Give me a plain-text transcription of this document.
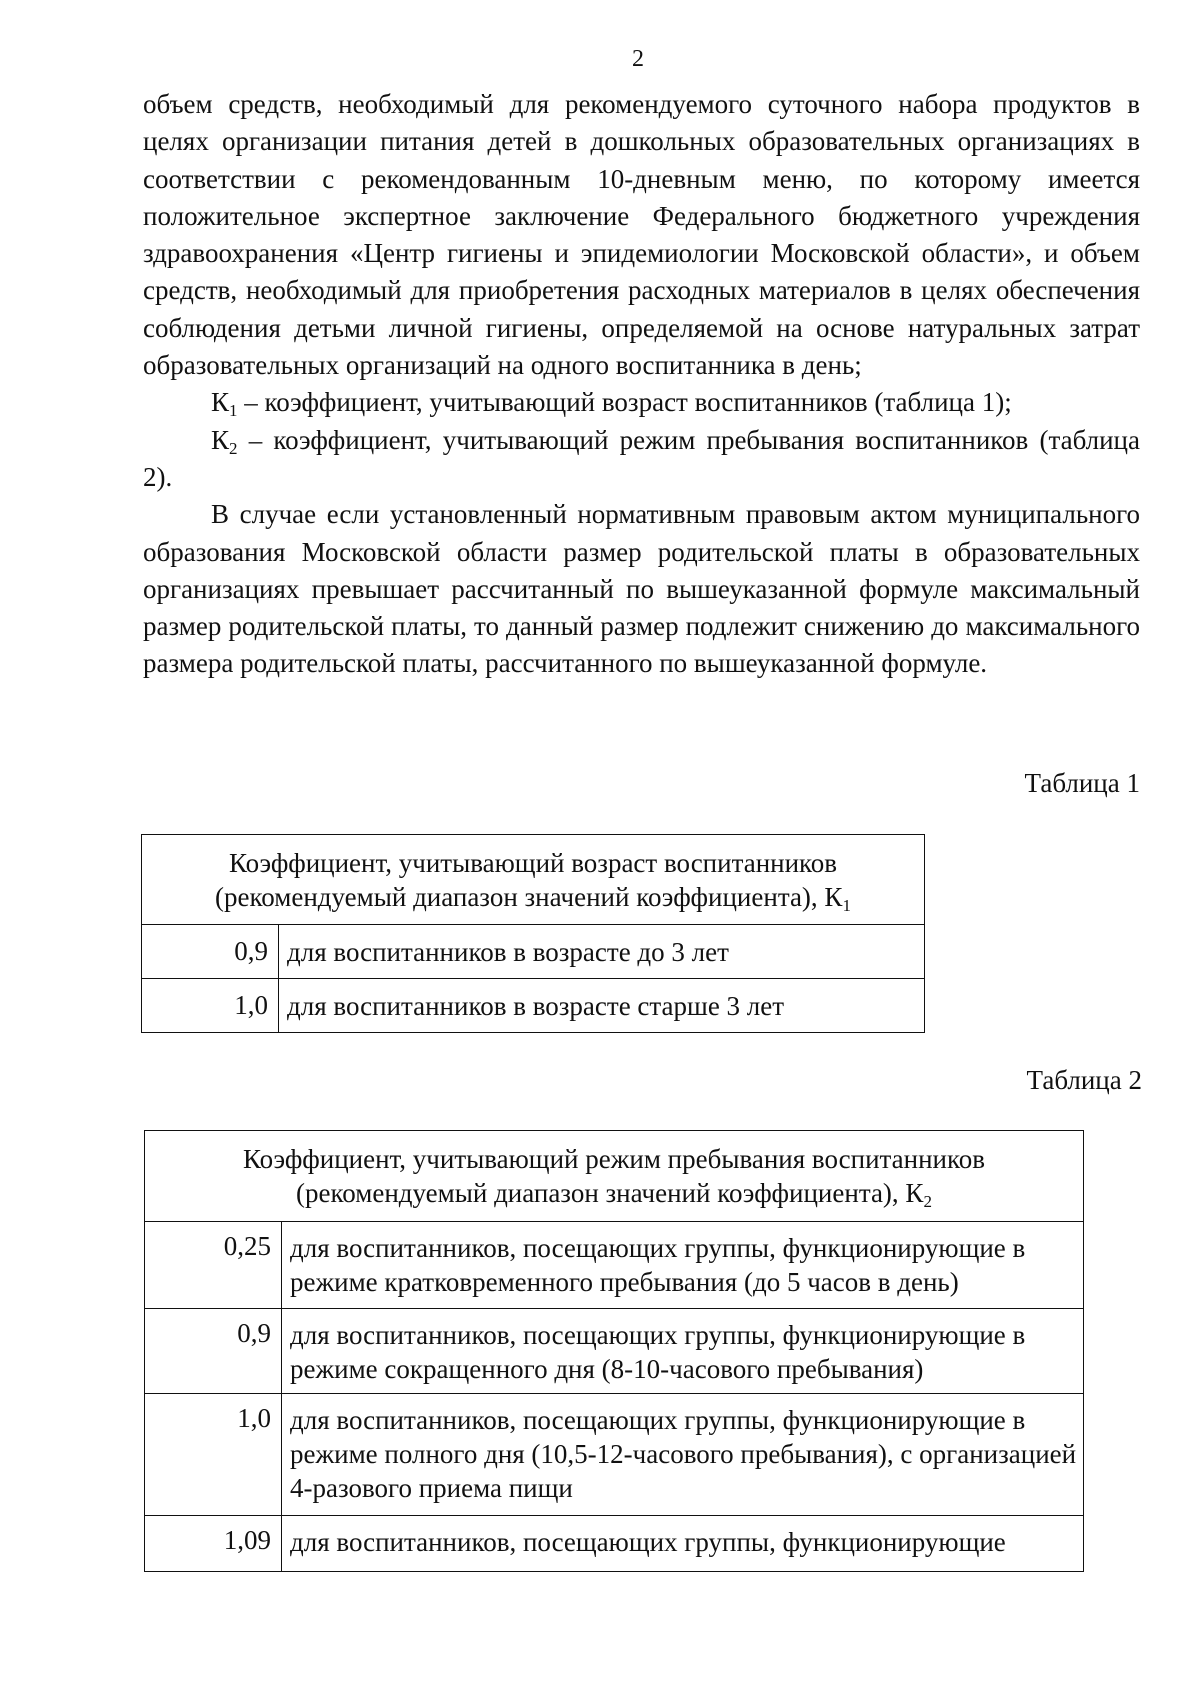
2

объем средств, необходимый для рекомендуемого суточного набора продуктов в целях организации питания детей в дошкольных образовательных организациях в соответствии с рекомендованным 10-дневным меню, по которому имеется положительное экспертное заключение Федерального бюджетного учреждения здравоохранения «Центр гигиены и эпидемиологии Московской области», и объем средств, необходимый для приобретения расходных материалов в целях обеспечения соблюдения детьми личной гигиены, определяемой на основе натуральных затрат образовательных организаций на одного воспитанника в день;

$К_1$ – коэффициент, учитывающий возраст воспитанников (таблица 1);

$К_2$ – коэффициент, учитывающий режим пребывания воспитанников (таблица 2).

В случае если установленный нормативным правовым актом муниципального образования Московской области размер родительской платы в образовательных организациях превышает рассчитанный по вышеуказанной формуле максимальный размер родительской платы, то данный размер подлежит снижению до максимального размера родительской платы, рассчитанного по вышеуказанной формуле.

Таблица 1
Коэффициент, учитывающий возраст воспитанников
(рекомендуемый диапазон значений коэффициента), $К_1$

0,9	для воспитанников в возрасте до 3 лет
1,0	для воспитанников в возрасте старше 3 лет
Таблица 2
Коэффициент, учитывающий режим пребывания воспитанников
(рекомендуемый диапазон значений коэффициента), $К_2$

0,25	для воспитанников, посещающих группы, функционирующие в режиме кратковременного пребывания (до 5 часов в день)
0,9	для воспитанников, посещающих группы, функционирующие в режиме сокращенного дня (8-10-часового пребывания)
1,0	для воспитанников, посещающих группы, функционирующие в режиме полного дня (10,5-12-часового пребывания), с организацией 4-разового приема пищи
1,09	для воспитанников, посещающих группы, функционирующие
